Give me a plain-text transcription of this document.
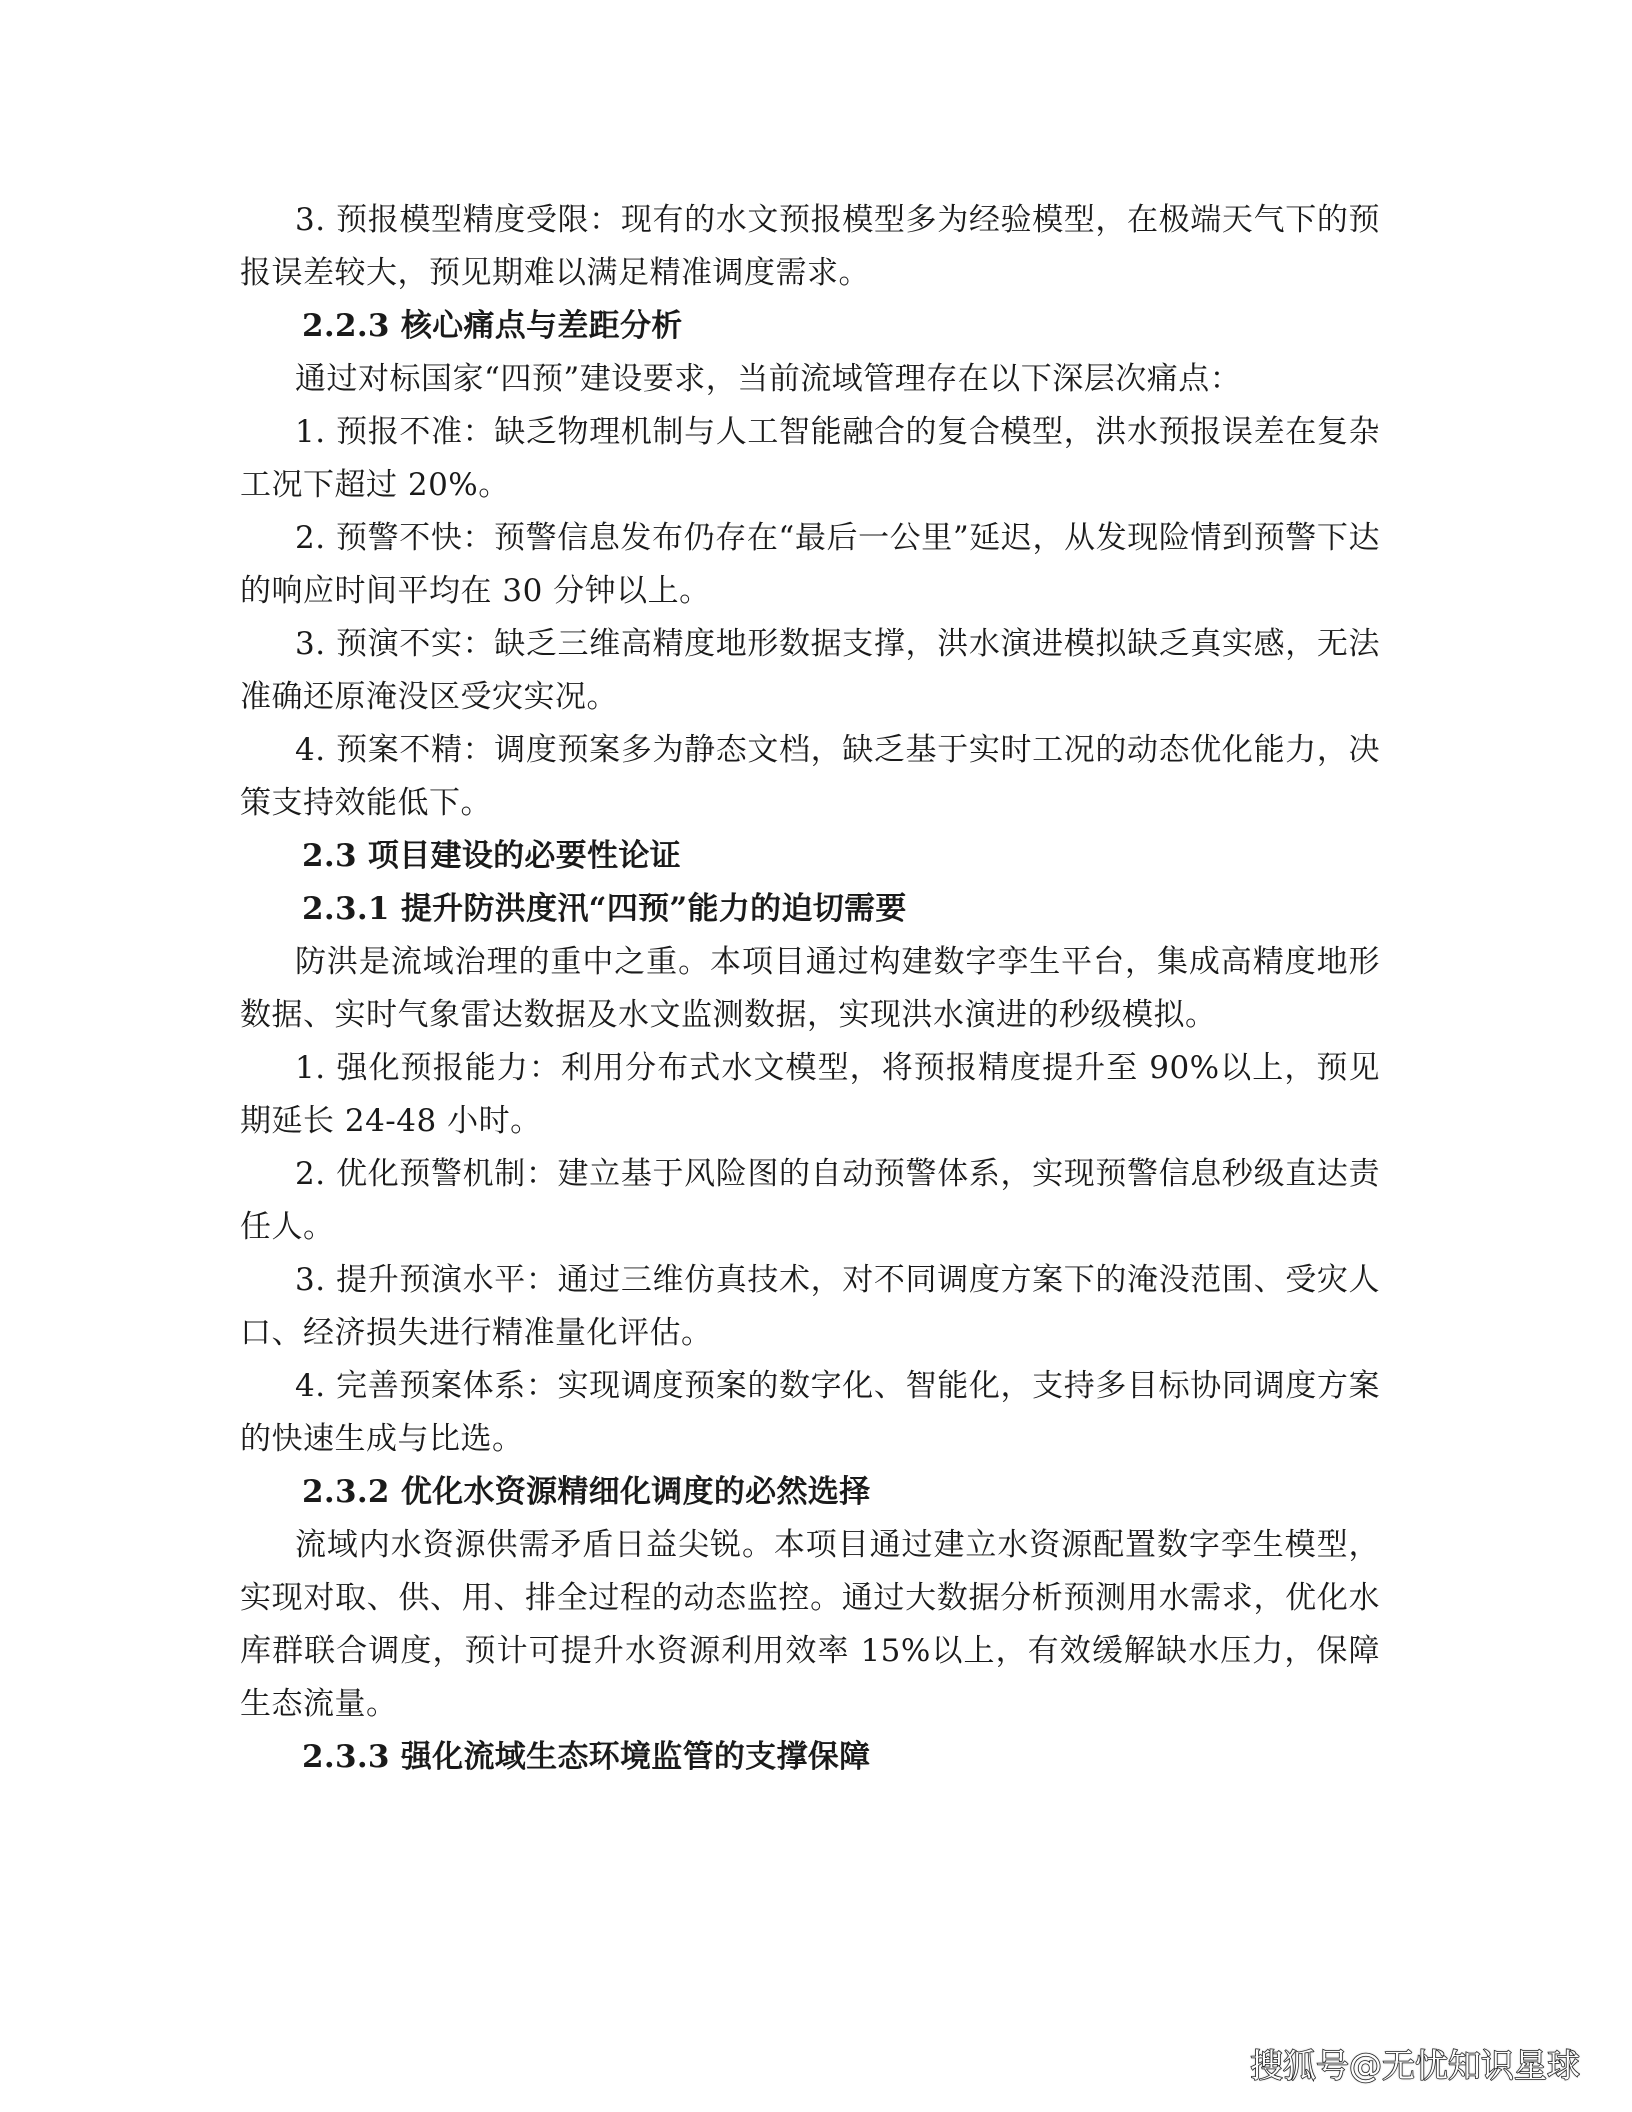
3. 预报模型精度受限：现有的水文预报模型多为经验模型，在极端天气下的预报误差较大，预见期难以满足精准调度需求。

2.2.3 核心痛点与差距分析

通过对标国家“四预”建设要求，当前流域管理存在以下深层次痛点：

1. 预报不准：缺乏物理机制与人工智能融合的复合模型，洪水预报误差在复杂工况下超过 20%。

2. 预警不快：预警信息发布仍存在“最后一公里”延迟，从发现险情到预警下达的响应时间平均在 30 分钟以上。

3. 预演不实：缺乏三维高精度地形数据支撑，洪水演进模拟缺乏真实感，无法准确还原淹没区受灾实况。

4. 预案不精：调度预案多为静态文档，缺乏基于实时工况的动态优化能力，决策支持效能低下。

2.3 项目建设的必要性论证

2.3.1 提升防洪度汛“四预”能力的迫切需要

防洪是流域治理的重中之重。本项目通过构建数字孪生平台，集成高精度地形数据、实时气象雷达数据及水文监测数据，实现洪水演进的秒级模拟。

1. 强化预报能力：利用分布式水文模型，将预报精度提升至 90%以上，预见期延长 24-48 小时。

2. 优化预警机制：建立基于风险图的自动预警体系，实现预警信息秒级直达责任人。

3. 提升预演水平：通过三维仿真技术，对不同调度方案下的淹没范围、受灾人口、经济损失进行精准量化评估。

4. 完善预案体系：实现调度预案的数字化、智能化，支持多目标协同调度方案的快速生成与比选。

2.3.2 优化水资源精细化调度的必然选择

流域内水资源供需矛盾日益尖锐。本项目通过建立水资源配置数字孪生模型，实现对取、供、用、排全过程的动态监控。通过大数据分析预测用水需求，优化水库群联合调度，预计可提升水资源利用效率 15%以上，有效缓解缺水压力，保障生态流量。

2.3.3 强化流域生态环境监管的支撑保障

搜狐号@无忧知识星球
